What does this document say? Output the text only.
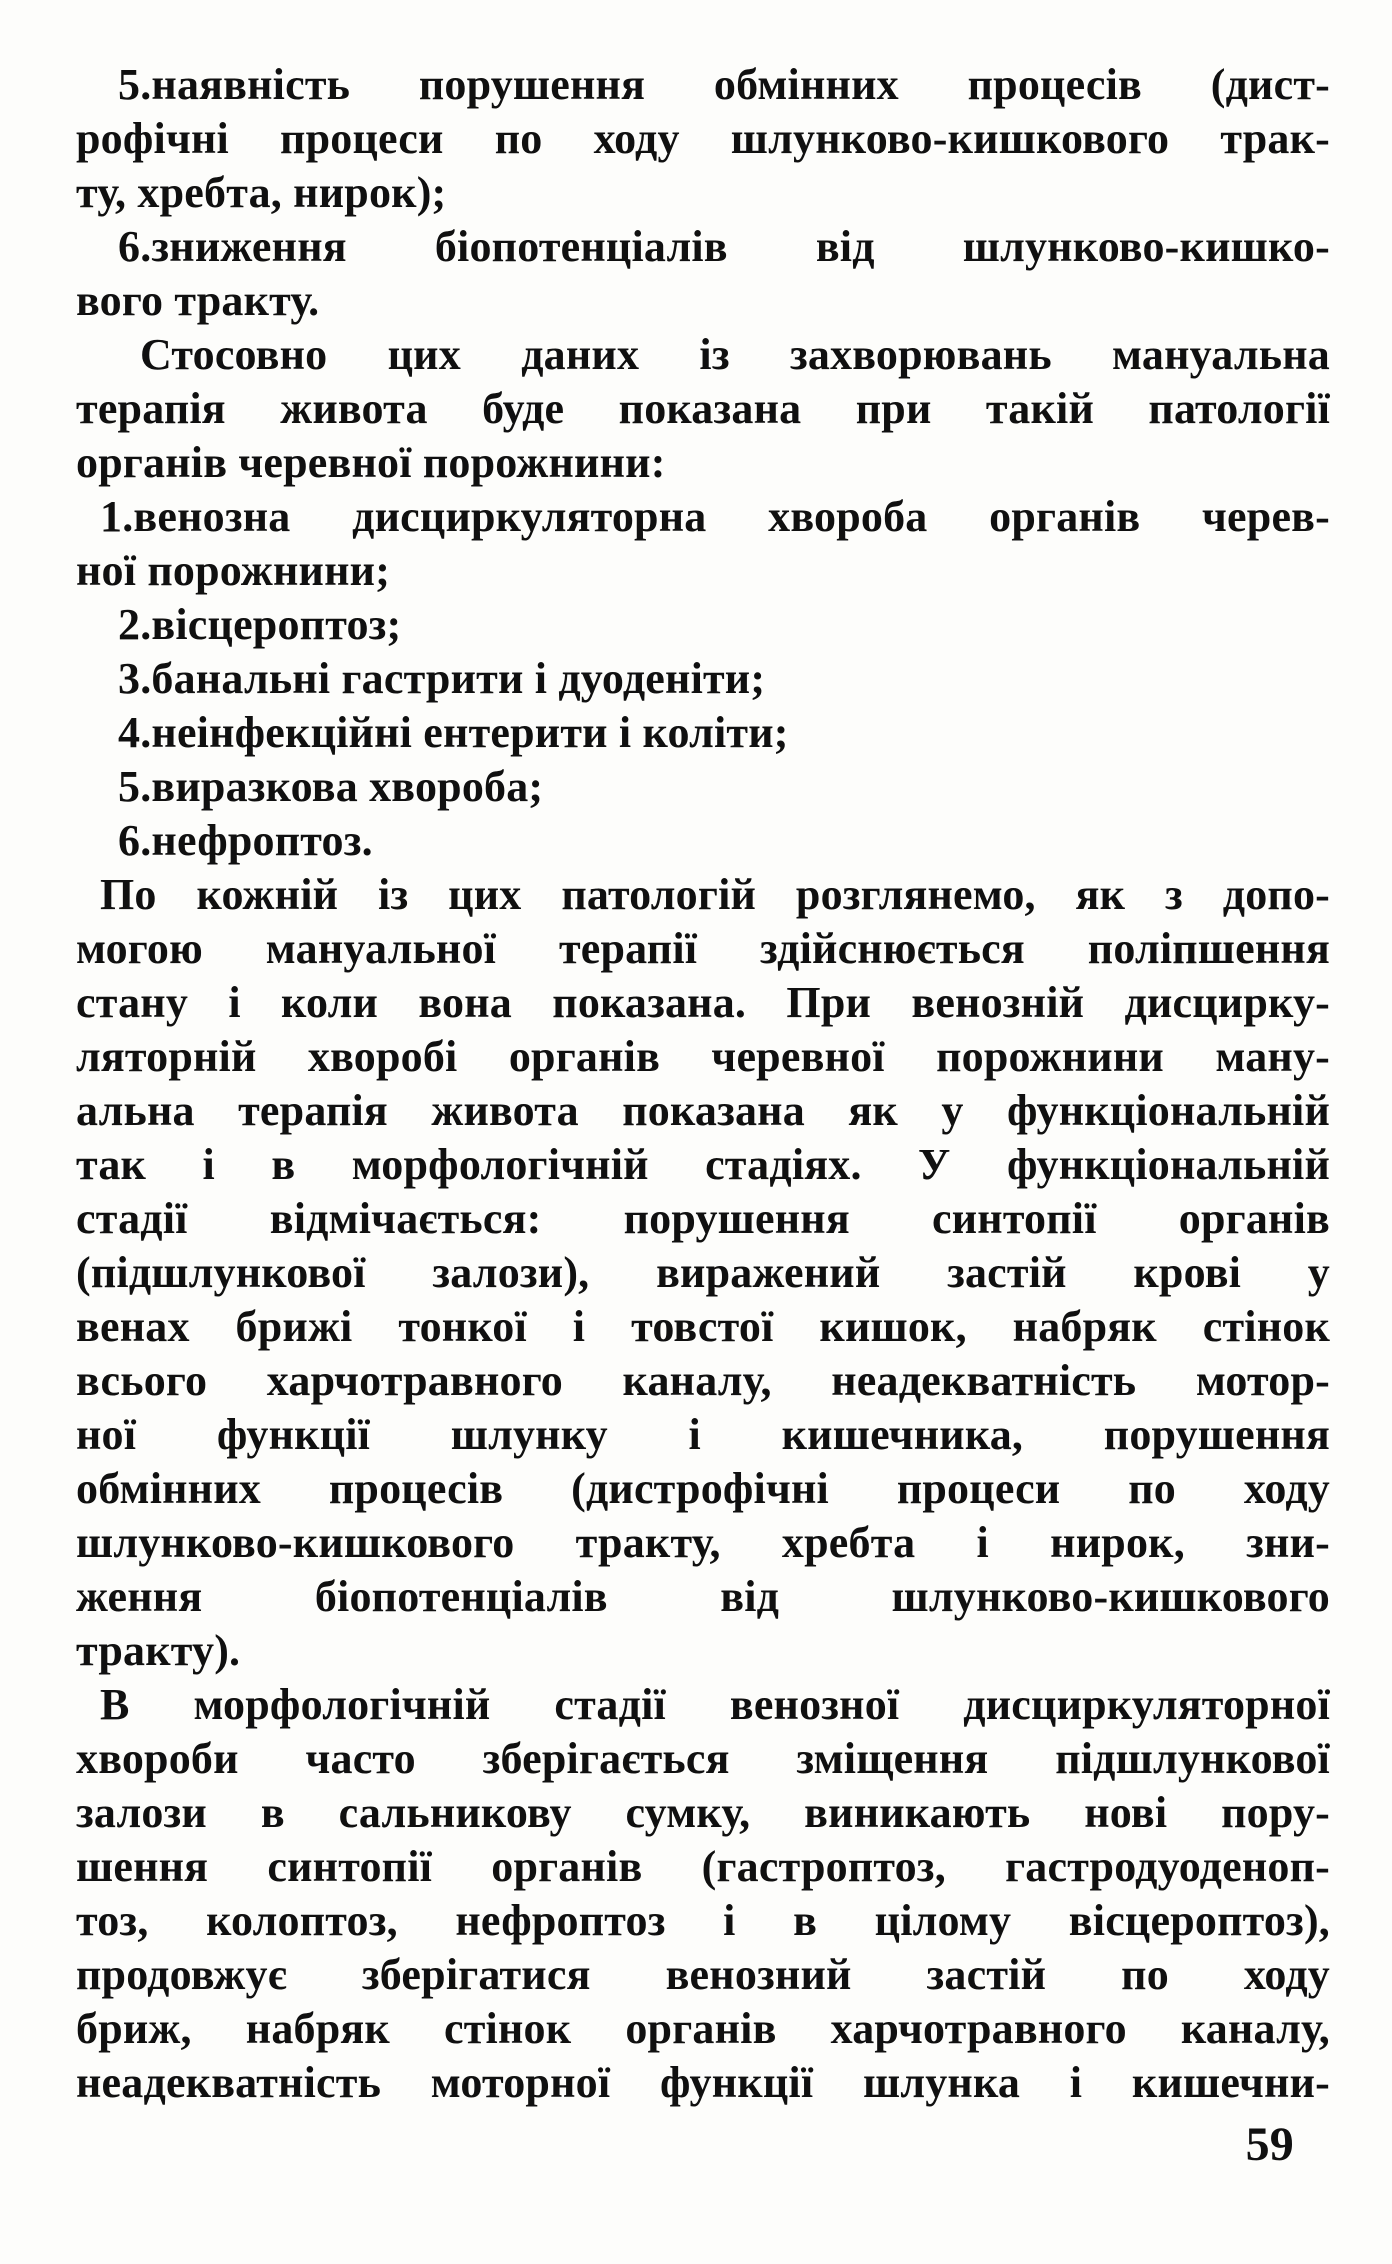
5.наявність порушення обмінних процесів (дист-
рофічні процеси по ходу шлунково-кишкового трак-
ту, хребта, нирок);
6.зниження біопотенціалів від шлунково-кишко-
вого тракту.
Стосовно цих даних із захворювань мануальна
терапія живота буде показана при такій патології
органів черевної порожнини:
1.венозна дисциркуляторна хвороба органів черев-
ної порожнини;
2.вісцероптоз;
3.банальні гастрити і дуоденіти;
4.неінфекційні ентерити і коліти;
5.виразкова хвороба;
6.нефроптоз.
По кожній із цих патологій розглянемо, як з допо-
могою мануальної терапії здійснюється поліпшення
стану і коли вона показана. При венозній дисцирку-
ляторній хворобі органів черевної порожнини ману-
альна терапія живота показана як у функціональній
так і в морфологічній стадіях. У функціональній
стадії відмічається: порушення синтопії органів
(підшлункової залози), виражений застій крові у
венах брижі тонкої і товстої кишок, набряк стінок
всього харчотравного каналу, неадекватність мотор-
ної функції шлунку і кишечника, порушення
обмінних процесів (дистрофічні процеси по ходу
шлунково-кишкового тракту, хребта і нирок, зни-
ження біопотенціалів від шлунково-кишкового
тракту).
В морфологічній стадії венозної дисциркуляторної
хвороби часто зберігається зміщення підшлункової
залози в сальникову сумку, виникають нові пору-
шення синтопії органів (гастроптоз, гастродуоденоп-
тоз, колоптоз, нефроптоз і в цілому вісцероптоз),
продовжує зберігатися венозний застій по ходу
бриж, набряк стінок органів харчотравного каналу,
неадекватність моторної функції шлунка і кишечни-
59
